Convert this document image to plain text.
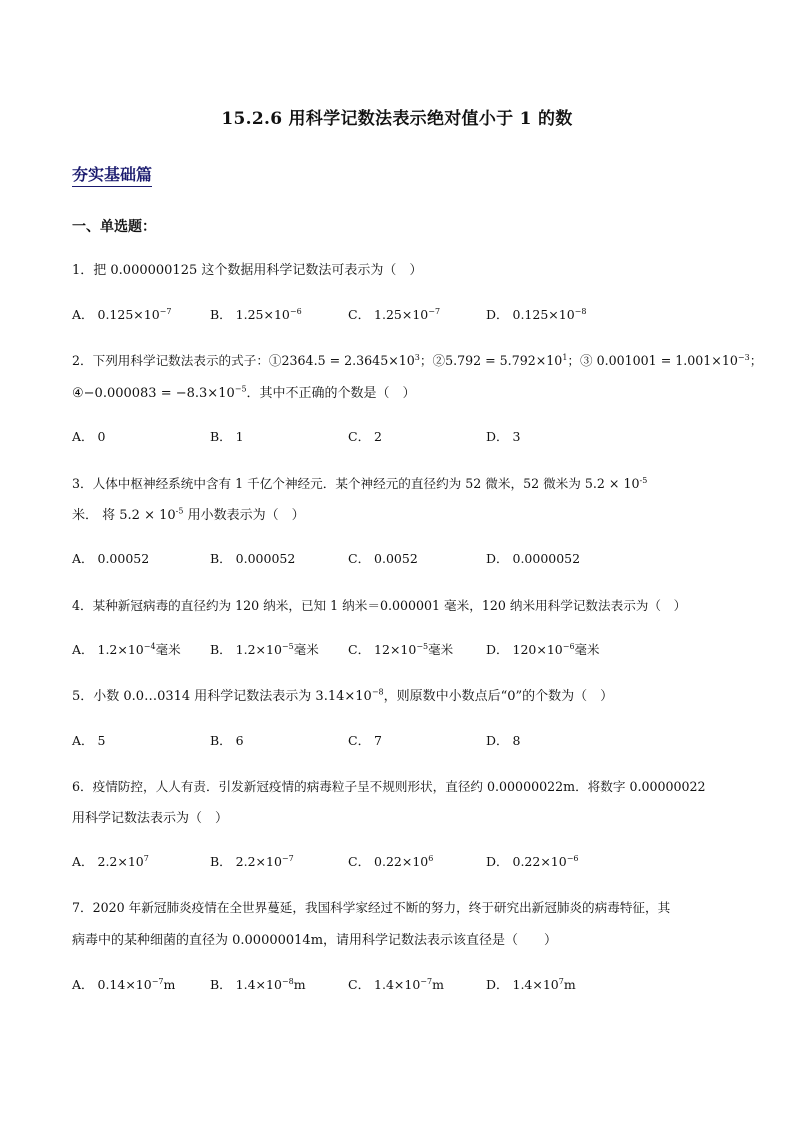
15.2.6 用科学记数法表示绝对值小于 1 的数
夯实基础篇
一、单选题：
1．把 0.000000125 这个数据用科学记数法可表示为（　）
A． $0.125\times 10^{-7}$	B． $1.25\times 10^{-6}$	C． $1.25\times 10^{-7}$	D． $0.125\times 10^{-8}$
2．下列用科学记数法表示的式子：①2364.5 = $2.3645\times 10^3$；②5.792 = $5.792\times 10^1$；③ $0.001001 = 1.001\times 10^{-3}$；
④−0.000083 = $-8.3\times 10^{-5}$．其中不正确的个数是（　）
A． 0	B． 1	C． 2	D． 3
3．人体中枢神经系统中含有 1 千亿个神经元．某个神经元的直径约为 52 微米，52 微米为 $5.2 \times 10^{-5}$
米． 将 $5.2 \times 10^{-5}$ 用小数表示为（　）
A． 0.00052	B． 0.000052	C． 0.0052	D． 0.0000052
4．某种新冠病毒的直径约为 120 纳米，已知 1 纳米＝0.000001 毫米，120 纳米用科学记数法表示为（　）
A． $1.2\times 10^{-4}$毫米 B． $1.2\times 10^{-5}$毫米 C． $12\times 10^{-5}$毫米	D． $120\times 10^{-6}$毫米
5．小数 0.0…0314 用科学记数法表示为 $3.14\times 10^{-8}$，则原数中小数点后“0”的个数为（　）
A． 5	B． 6	C． 7	D． 8
6．疫情防控，人人有责．引发新冠疫情的病毒粒子呈不规则形状，直径约 0.00000022m．将数字 0.00000022
用科学记数法表示为（　）
A． $2.2\times 10^7$	B． $2.2\times 10^{-7}$	C． $0.22\times 10^6$	D． $0.22\times 10^{-6}$
7．2020 年新冠肺炎疫情在全世界蔓延，我国科学家经过不断的努力，终于研究出新冠肺炎的病毒特征，其
病毒中的某种细菌的直径为 0.00000014m，请用科学记数法表示该直径是（　　）
A． $0.14\times 10^{-7}m$	B． $1.4\times 10^{-8}m$	C． $1.4\times 10^{-7}m$	D． $1.4\times 10^7m$
